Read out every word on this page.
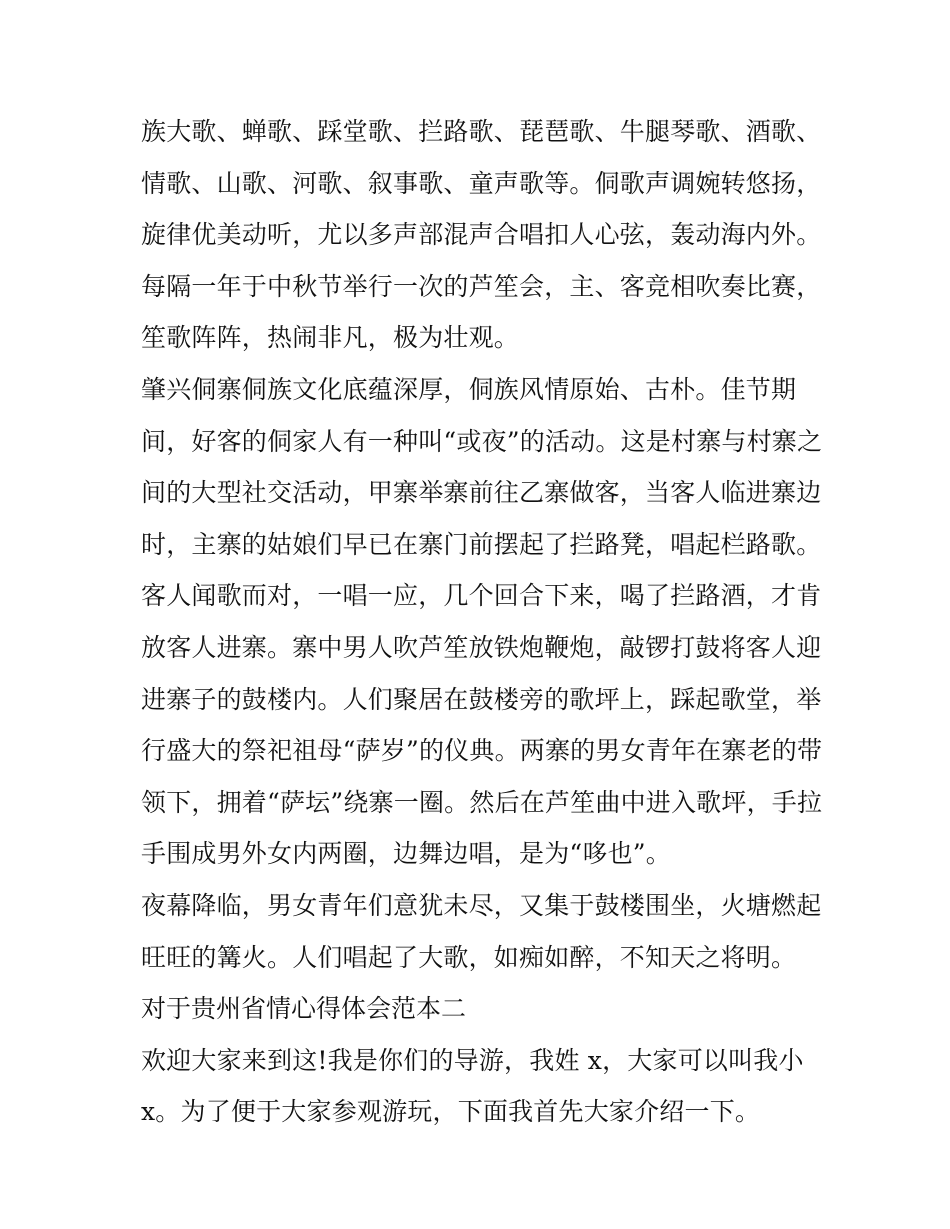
族大歌、蝉歌、踩堂歌、拦路歌、琵琶歌、牛腿琴歌、酒歌、
情歌、山歌、河歌、叙事歌、童声歌等。侗歌声调婉转悠扬，
旋律优美动听，尤以多声部混声合唱扣人心弦，轰动海内外。
每隔一年于中秋节举行一次的芦笙会，主、客竞相吹奏比赛，
笙歌阵阵，热闹非凡，极为壮观。
肇兴侗寨侗族文化底蕴深厚，侗族风情原始、古朴。佳节期
间，好客的侗家人有一种叫“或夜”的活动。这是村寨与村寨之
间的大型社交活动，甲寨举寨前往乙寨做客，当客人临进寨边
时，主寨的姑娘们早已在寨门前摆起了拦路凳，唱起栏路歌。
客人闻歌而对，一唱一应，几个回合下来，喝了拦路酒，才肯
放客人进寨。寨中男人吹芦笙放铁炮鞭炮，敲锣打鼓将客人迎
进寨子的鼓楼内。人们聚居在鼓楼旁的歌坪上，踩起歌堂，举
行盛大的祭祀祖母“萨岁”的仪典。两寨的男女青年在寨老的带
领下，拥着“萨坛”绕寨一圈。然后在芦笙曲中进入歌坪，手拉
手围成男外女内两圈，边舞边唱，是为“哆也”。
夜幕降临，男女青年们意犹未尽，又集于鼓楼围坐，火塘燃起
旺旺的篝火。人们唱起了大歌，如痴如醉，不知天之将明。
对于贵州省情心得体会范本二
欢迎大家来到这!我是你们的导游，我姓 x，大家可以叫我小
x。为了便于大家参观游玩，下面我首先大家介绍一下。
